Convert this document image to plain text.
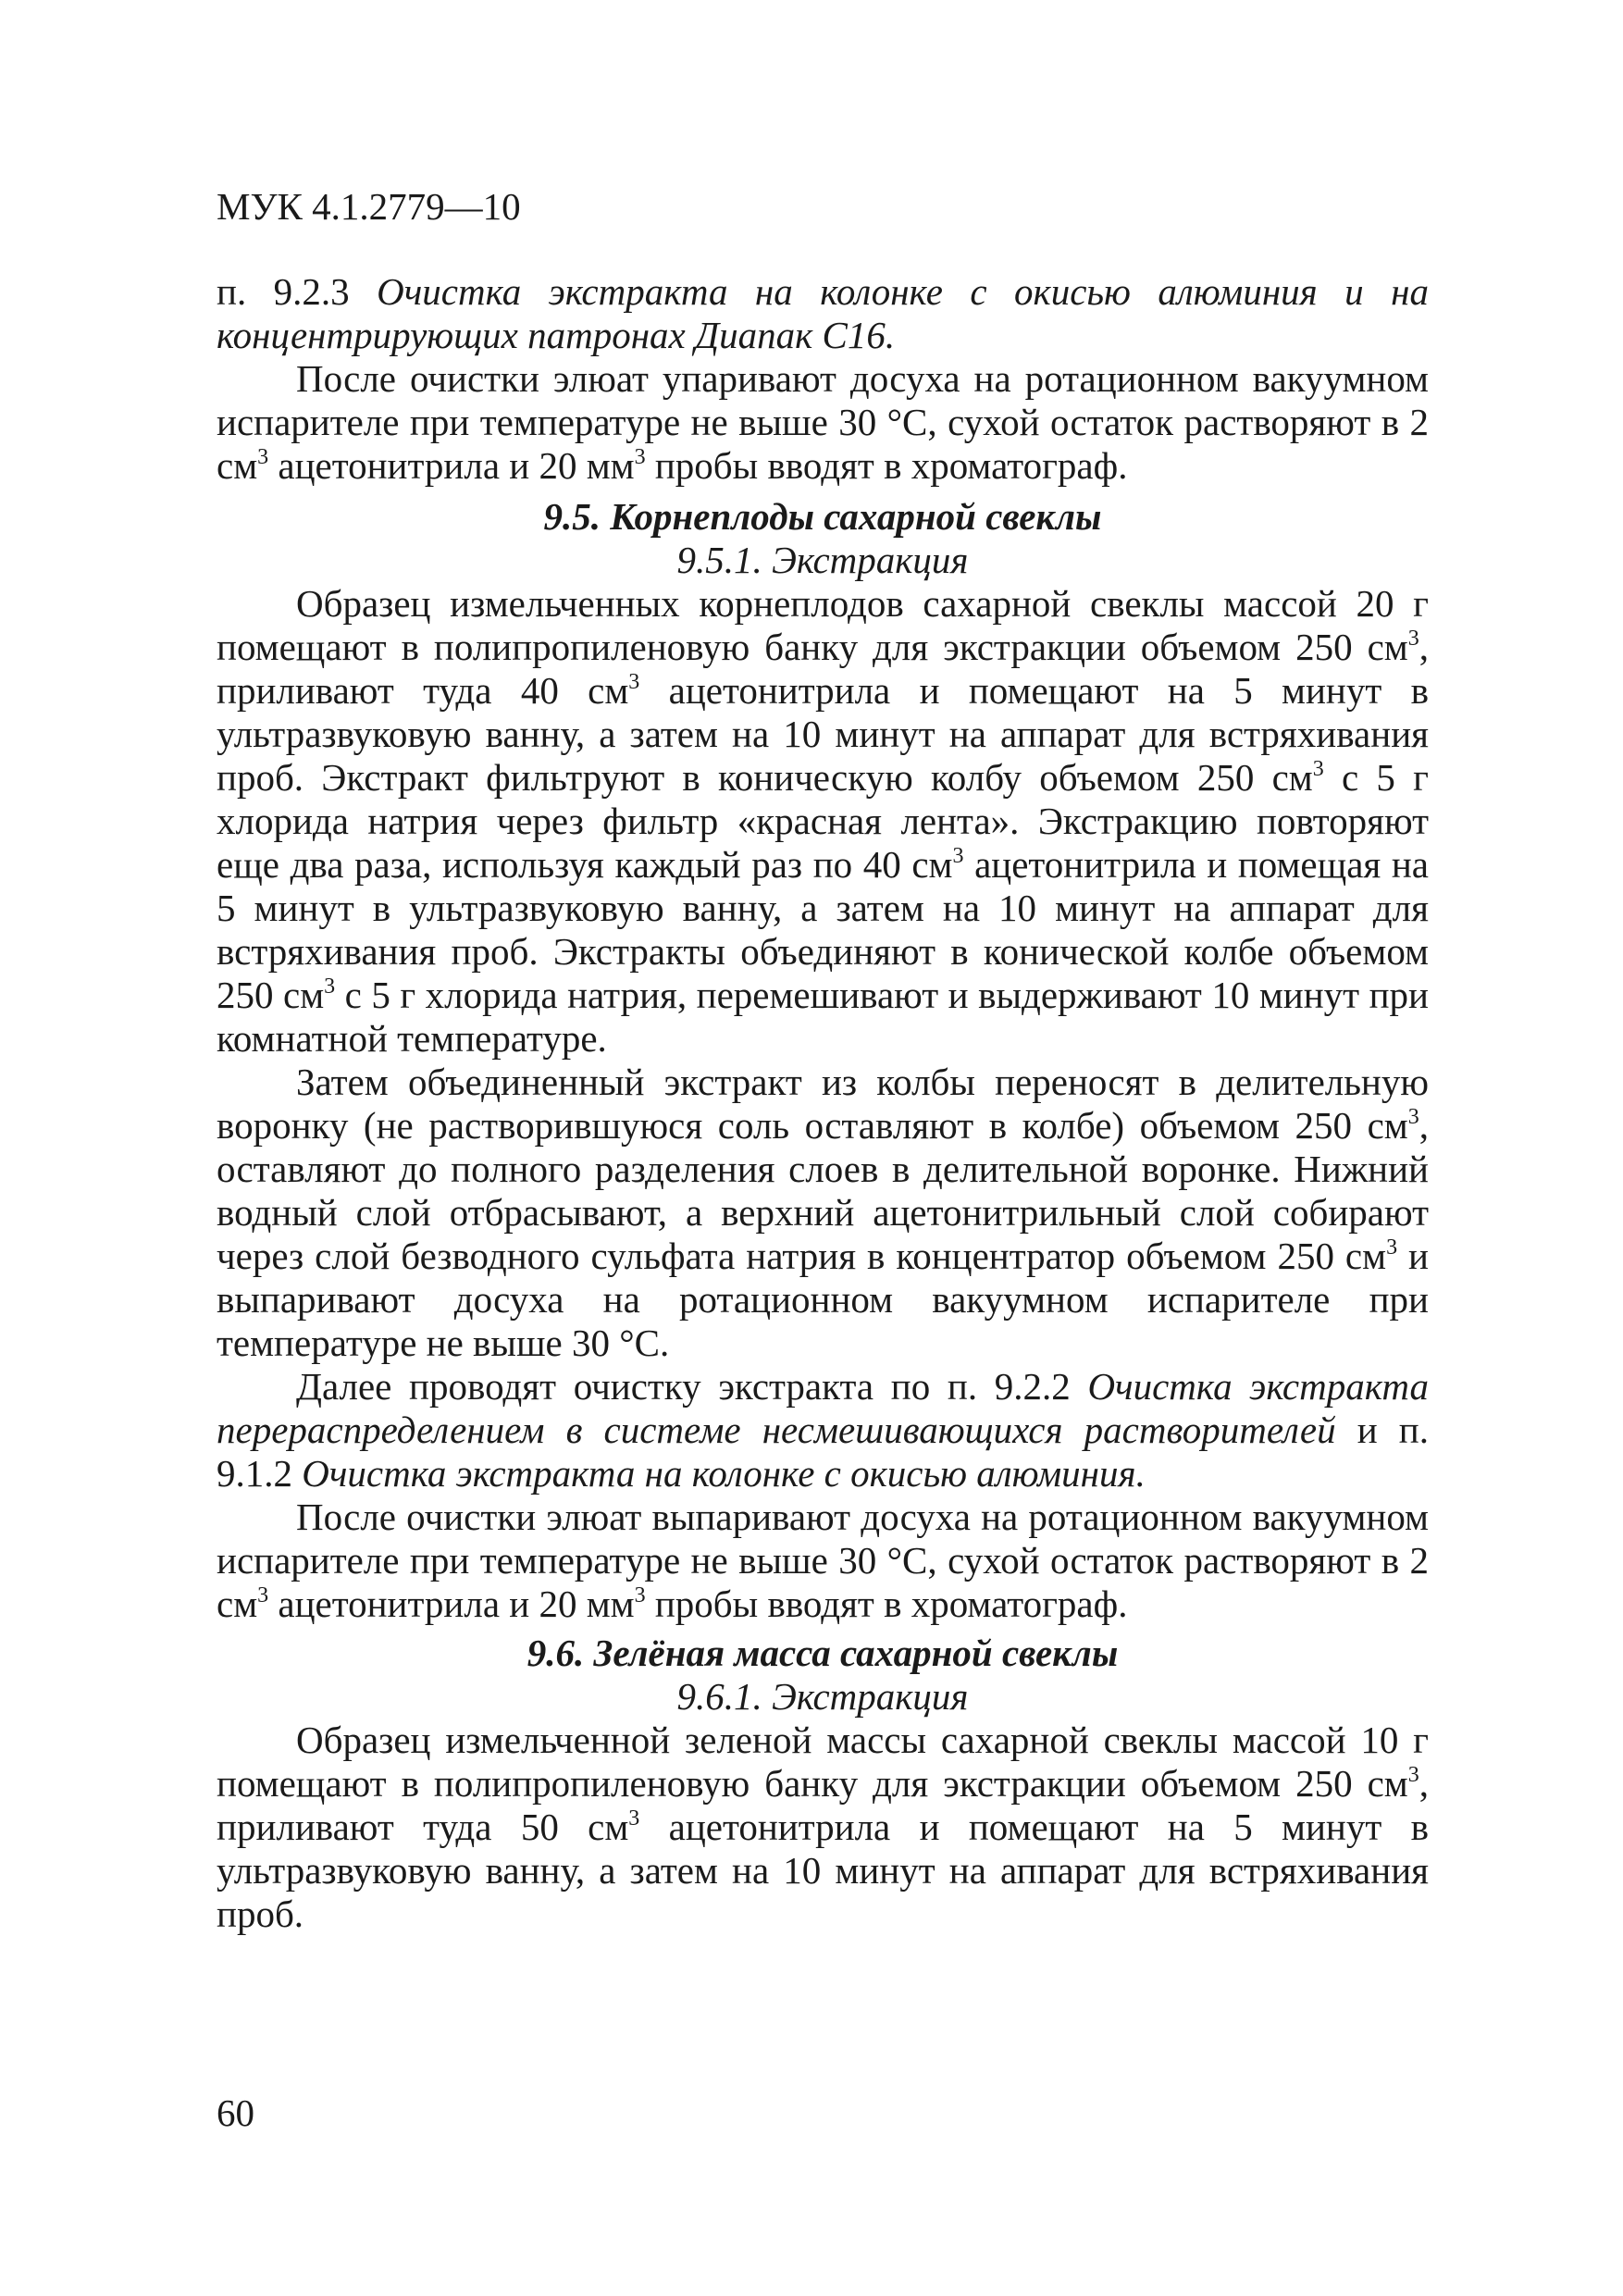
МУК 4.1.2779—10

п. 9.2.3 Очистка экстракта на колонке с окисью алюминия и на концентрирующих патронах Диапак С16.

После очистки элюат упаривают досуха на ротационном вакуумном испарителе при температуре не выше 30 °С, сухой остаток растворяют в 2 $см^3$ ацетонитрила и 20 $мм^3$ пробы вводят в хроматограф.

9.5. Корнеплоды сахарной свеклы

9.5.1. Экстракция

Образец измельченных корнеплодов сахарной свеклы массой 20 г помещают в полипропиленовую банку для экстракции объемом 250 $см^3$, приливают туда 40 $см^3$ ацетонитрила и помещают на 5 минут в ультразвуковую ванну, а затем на 10 минут на аппарат для встряхивания проб. Экстракт фильтруют в коническую колбу объемом 250 $см^3$ с 5 г хлорида натрия через фильтр «красная лента». Экстракцию повторяют еще два раза, используя каждый раз по 40 $см^3$ ацетонитрила и помещая на 5 минут в ультразвуковую ванну, а затем на 10 минут на аппарат для встряхивания проб. Экстракты объединяют в конической колбе объемом 250 $см^3$ с 5 г хлорида натрия, перемешивают и выдерживают 10 минут при комнатной температуре.

Затем объединенный экстракт из колбы переносят в делительную воронку (не растворившуюся соль оставляют в колбе) объемом 250 $см^3$, оставляют до полного разделения слоев в делительной воронке. Нижний водный слой отбрасывают, а верхний ацетонитрильный слой собирают через слой безводного сульфата натрия в концентратор объемом 250 $см^3$ и выпаривают досуха на ротационном вакуумном испарителе при температуре не выше 30 °С.

Далее проводят очистку экстракта по п. 9.2.2 Очистка экстракта перераспределением в системе несмешивающихся растворителей и п. 9.1.2 Очистка экстракта на колонке с окисью алюминия.

После очистки элюат выпаривают досуха на ротационном вакуумном испарителе при температуре не выше 30 °С, сухой остаток растворяют в 2 $см^3$ ацетонитрила и 20 $мм^3$ пробы вводят в хроматограф.

9.6. Зелёная масса сахарной свеклы

9.6.1. Экстракция

Образец измельченной зеленой массы сахарной свеклы массой 10 г помещают в полипропиленовую банку для экстракции объемом 250 $см^3$, приливают туда 50 $см^3$ ацетонитрила и помещают на 5 минут в ультразвуковую ванну, а затем на 10 минут на аппарат для встряхивания проб.

60
